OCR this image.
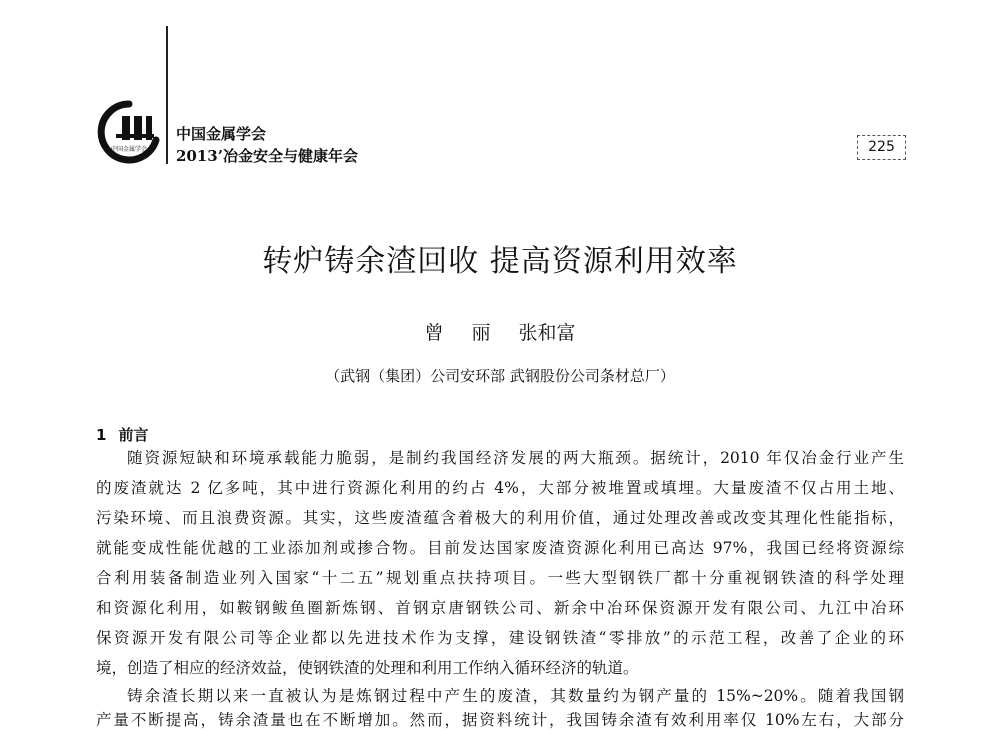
中国金属学会
中国金属学会
2013’冶金安全与健康年会	225
转炉铸余渣回收 提高资源利用效率
曾 丽 张和富
（武钢（集团）公司安环部 武钢股份公司条材总厂）
1 前言
随资源短缺和环境承载能力脆弱，是制约我国经济发展的两大瓶颈。据统计，2010 年仅冶金行业产生
的废渣就达 2 亿多吨，其中进行资源化利用的约占 4%，大部分被堆置或填埋。大量废渣不仅占用土地、
污染环境、而且浪费资源。其实，这些废渣蕴含着极大的利用价值，通过处理改善或改变其理化性能指标，
就能变成性能优越的工业添加剂或掺合物。目前发达国家废渣资源化利用已高达 97%，我国已经将资源综
合利用装备制造业列入国家“十二五”规划重点扶持项目。一些大型钢铁厂都十分重视钢铁渣的科学处理
和资源化利用，如鞍钢鲅鱼圈新炼钢、首钢京唐钢铁公司、新余中冶环保资源开发有限公司、九江中冶环
保资源开发有限公司等企业都以先进技术作为支撑，建设钢铁渣“零排放”的示范工程，改善了企业的环
境，创造了相应的经济效益，使钢铁渣的处理和利用工作纳入循环经济的轨道。
铸余渣长期以来一直被认为是炼钢过程中产生的废渣，其数量约为钢产量的 15%~20%。随着我国钢
产量不断提高，铸余渣量也在不断增加。然而，据资料统计，我国铸余渣有效利用率仅 10%左右，大部分
